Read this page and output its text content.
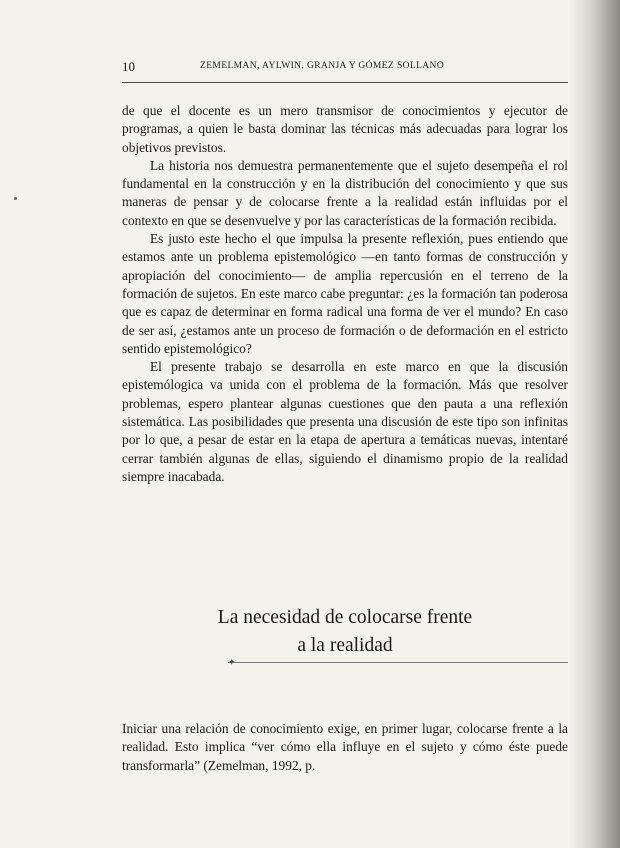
10	ZEMELMAN, AYLWIN, GRANJA Y GÓMEZ SOLLANO

de que el docente es un mero transmisor de conocimientos y ejecutor de programas, a quien le basta dominar las técnicas más adecuadas para lograr los objetivos previstos.

La historia nos demuestra permanentemente que el sujeto desempeña el rol fundamental en la construcción y en la distribución del conocimiento y que sus maneras de pensar y de colocarse frente a la realidad están influidas por el contexto en que se desenvuelve y por las características de la formación recibida.

Es justo este hecho el que impulsa la presente reflexión, pues entiendo que estamos ante un problema epistemológico —en tanto formas de construcción y apropiación del conocimiento— de amplia repercusión en el terreno de la formación de sujetos. En este marco cabe preguntar: ¿es la formación tan poderosa que es capaz de determinar en forma radical una forma de ver el mundo? En caso de ser así, ¿estamos ante un proceso de formación o de deformación en el estricto sentido epistemológico?

El presente trabajo se desarrolla en este marco en que la discusión epistemólogica va unida con el problema de la formación. Más que resolver problemas, espero plantear algunas cuestiones que den pauta a una reflexión sistemática. Las posibilidades que presenta una discusión de este tipo son infinitas por lo que, a pesar de estar en la etapa de apertura a temáticas nuevas, intentaré cerrar también algunas de ellas, siguiendo el dinamismo propio de la realidad siempre inacabada.

La necesidad de colocarse frente
a la realidad
✦

Iniciar una relación de conocimiento exige, en primer lugar, colocarse frente a la realidad. Esto implica “ver cómo ella influye en el sujeto y cómo éste puede transformarla” (Zemelman, 1992, p.
